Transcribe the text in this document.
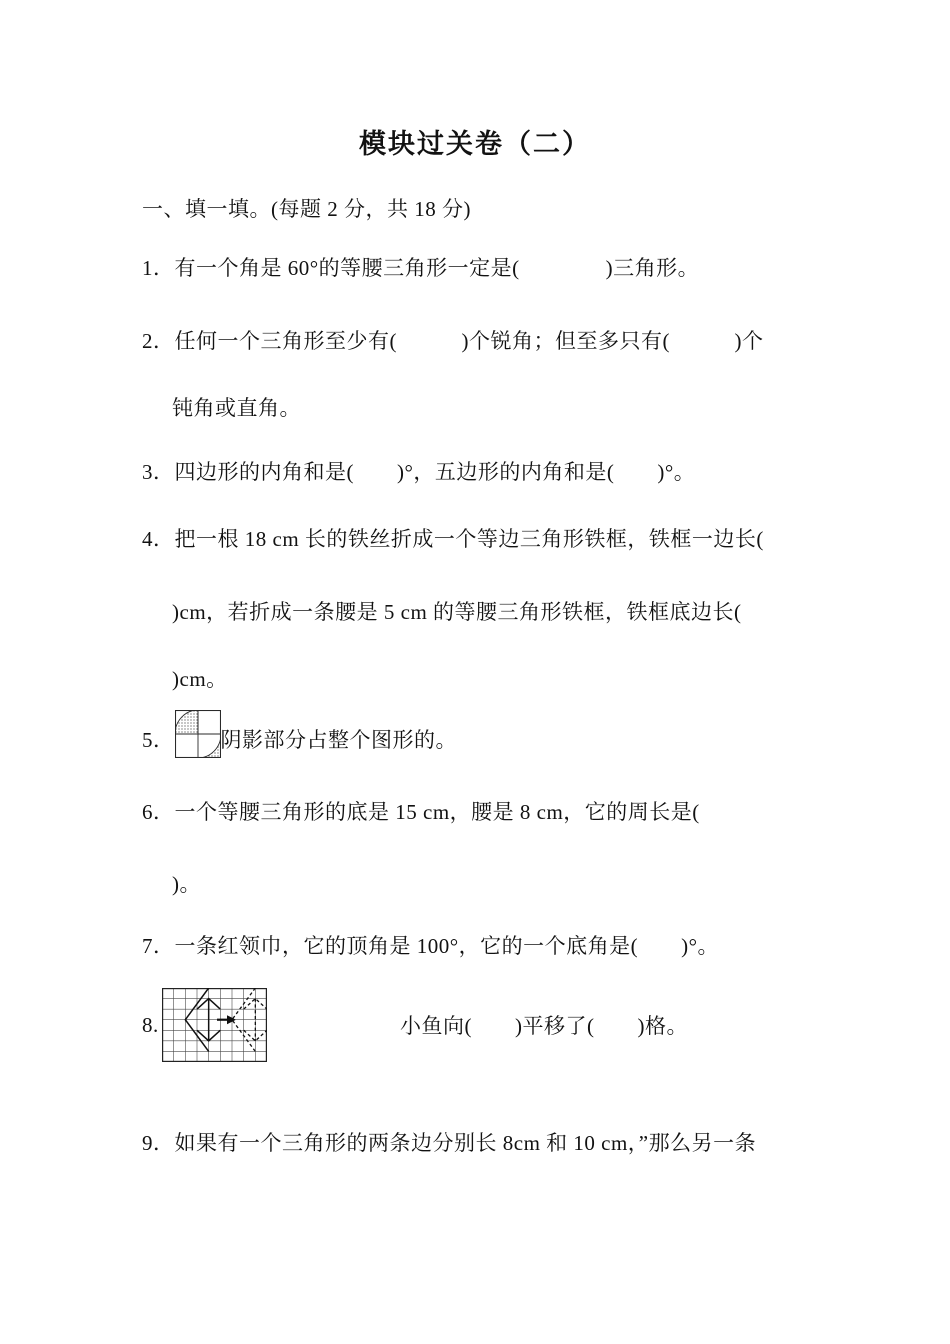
模块过关卷（二）
一、填一填。(每题 2 分，共 18 分)
1．有一个角是 60°的等腰三角形一定是(　　　　)三角形。
2．任何一个三角形至少有(　　　)个锐角；但至多只有(　　　)个
钝角或直角。
3．四边形的内角和是(　　)°，五边形的内角和是(　　)°。
4．把一根 18 cm 长的铁丝折成一个等边三角形铁框，铁框一边长(
)cm，若折成一条腰是 5 cm 的等腰三角形铁框，铁框底边长(
)cm。
5． 阴影部分占整个图形的。
6．一个等腰三角形的底是 15 cm，腰是 8 cm，它的周长是(
)。
7．一条红领巾，它的顶角是 100°，它的一个底角是(　　)°。
8.	小鱼向(　　)平移了(　　)格。
9．如果有一个三角形的两条边分别长 8cm 和 10 cm，”那么另一条
